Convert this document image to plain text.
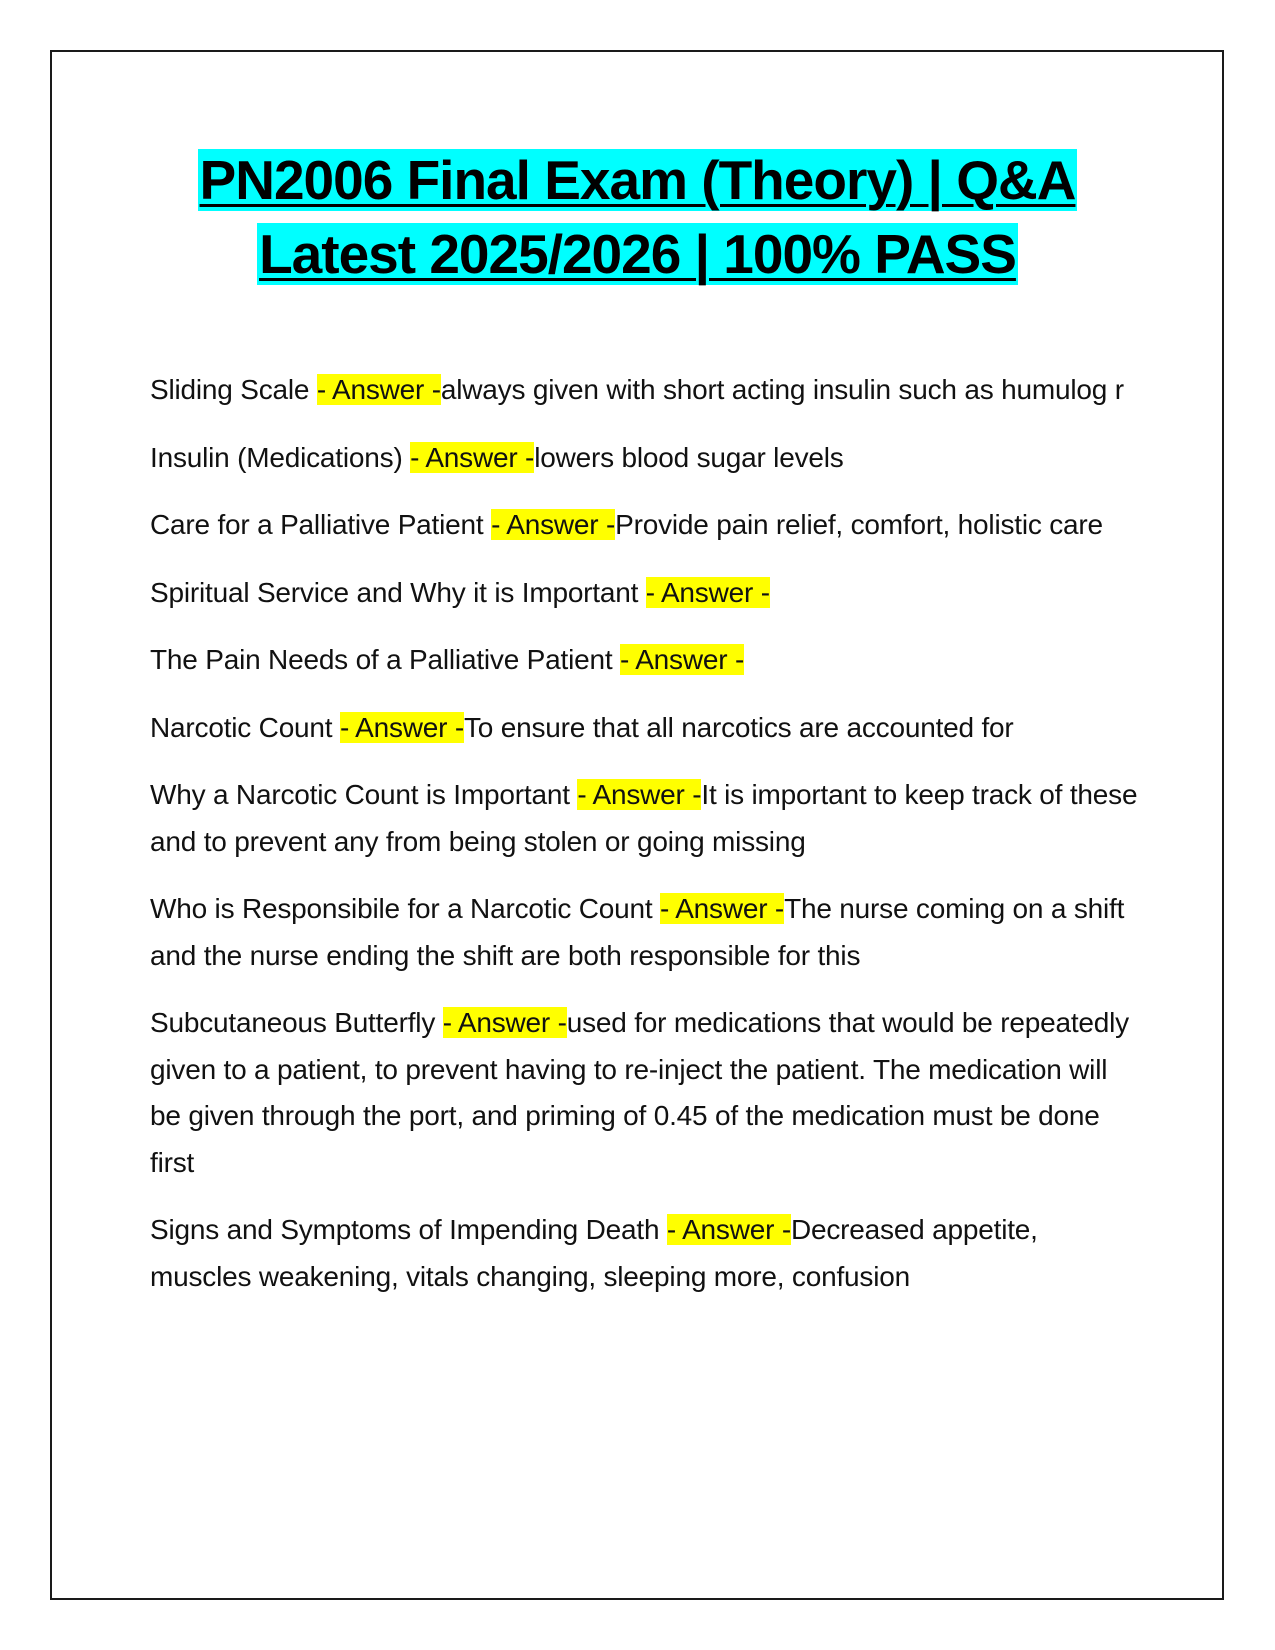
PN2006 Final Exam (Theory) | Q&A
Latest 2025/2026 | 100% PASS
Sliding Scale - Answer -always given with short acting insulin such as humulog r
Insulin (Medications) - Answer -lowers blood sugar levels
Care for a Palliative Patient - Answer -Provide pain relief, comfort, holistic care
Spiritual Service and Why it is Important - Answer -
The Pain Needs of a Palliative Patient - Answer -
Narcotic Count - Answer -To ensure that all narcotics are accounted for
Why a Narcotic Count is Important - Answer -It is important to keep track of these and to prevent any from being stolen or going missing
Who is Responsibile for a Narcotic Count - Answer -The nurse coming on a shift and the nurse ending the shift are both responsible for this
Subcutaneous Butterfly - Answer -used for medications that would be repeatedly given to a patient, to prevent having to re-inject the patient. The medication will be given through the port, and priming of 0.45 of the medication must be done first
Signs and Symptoms of Impending Death - Answer -Decreased appetite, muscles weakening, vitals changing, sleeping more, confusion
